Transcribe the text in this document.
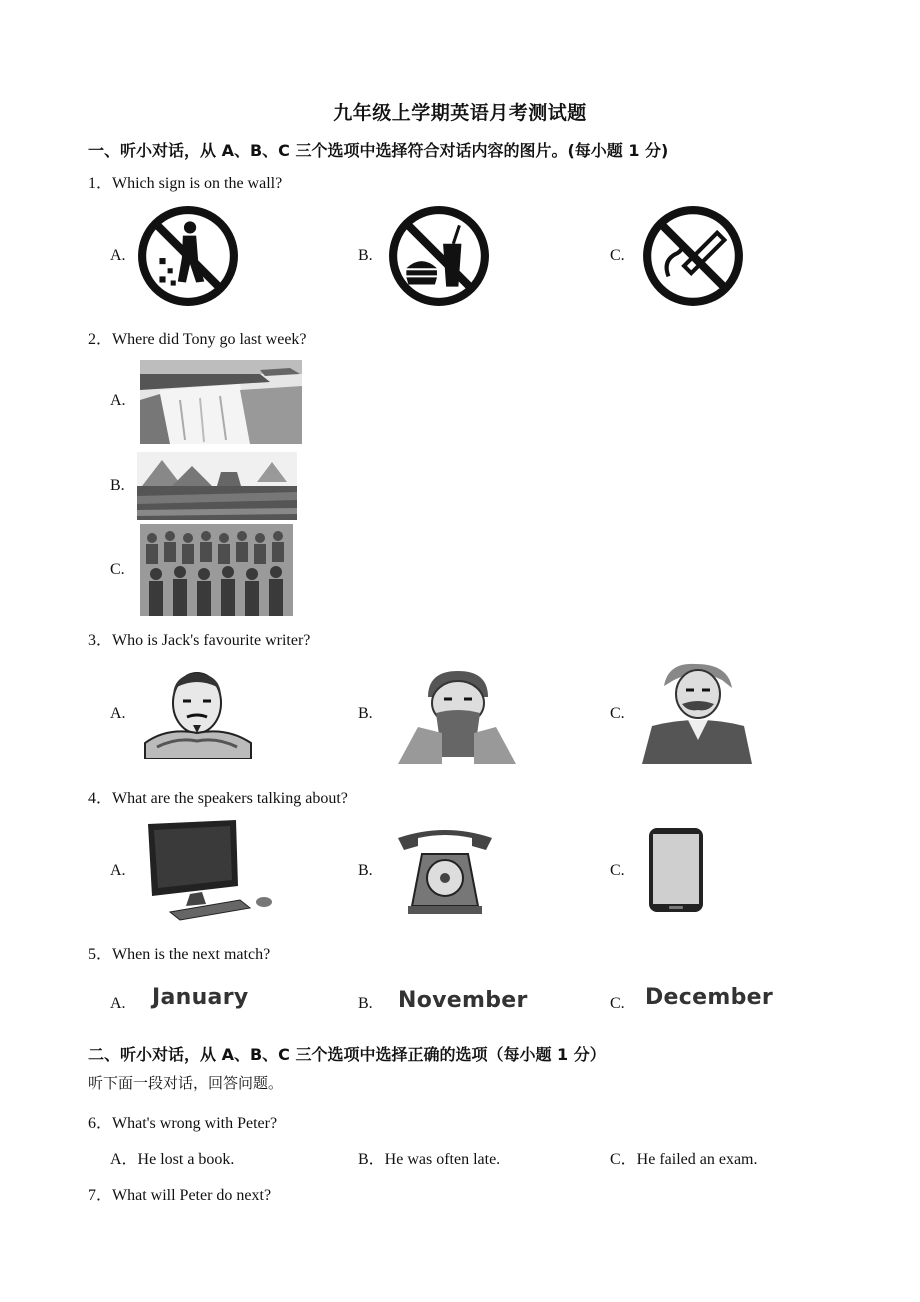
九年级上学期英语月考测试题
一、听小对话，从 A、B、C 三个选项中选择符合对话内容的图片。(每小题 1 分)
1．Which sign is on the wall?
A.	B.	C.
2．Where did Tony go last week?
A.
B.
C.
3．Who is Jack's favourite writer?
A.	B.	C.
4．What are the speakers talking about?
A.	B.	C.
5．When is the next match?
A. January	B. November	C. December
二、听小对话，从 A、B、C 三个选项中选择正确的选项（每小题 1 分）
听下面一段对话，回答问题。
6．What's wrong with Peter?
A．He lost a book.	B．He was often late.	C．He failed an exam.
7．What will Peter do next?
